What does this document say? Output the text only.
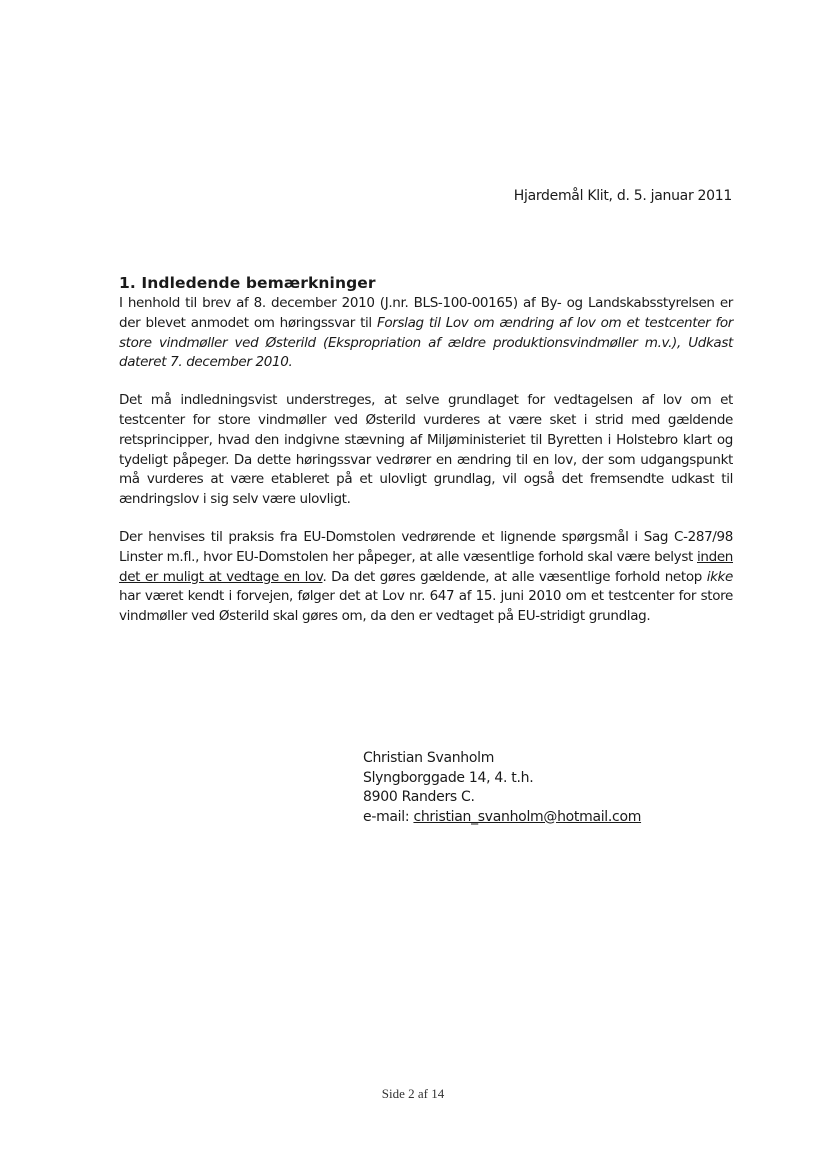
Hjardemål Klit, d. 5. januar 2011
1. Indledende bemærkninger

I henhold til brev af 8. december 2010 (J.nr. BLS-100-00165) af By- og Landskabsstyrelsen er der blevet anmodet om høringssvar til Forslag til Lov om ændring af lov om et testcenter for store vindmøller ved Østerild (Ekspropriation af ældre produktionsvindmøller m.v.), Udkast dateret 7. december 2010.

Det må indledningsvist understreges, at selve grundlaget for vedtagelsen af lov om et testcenter for store vindmøller ved Østerild vurderes at være sket i strid med gældende retsprincipper, hvad den indgivne stævning af Miljøministeriet til Byretten i Holstebro klart og tydeligt påpeger. Da dette høringssvar vedrører en ændring til en lov, der som udgangspunkt må vurderes at være etableret på et ulovligt grundlag, vil også det fremsendte udkast til ændringslov i sig selv være ulovligt.

Der henvises til praksis fra EU-Domstolen vedrørende et lignende spørgsmål i Sag C-287/98 Linster m.fl., hvor EU-Domstolen her påpeger, at alle væsentlige forhold skal være belyst inden det er muligt at vedtage en lov. Da det gøres gældende, at alle væsentlige forhold netop ikke har været kendt i forvejen, følger det at Lov nr. 647 af 15. juni 2010 om et testcenter for store vindmøller ved Østerild skal gøres om, da den er vedtaget på EU-stridigt grundlag.

Christian Svanholm
Slyngborggade 14, 4. t.h.
8900 Randers C.
e-mail: christian_svanholm@hotmail.com
Side 2 af 14
